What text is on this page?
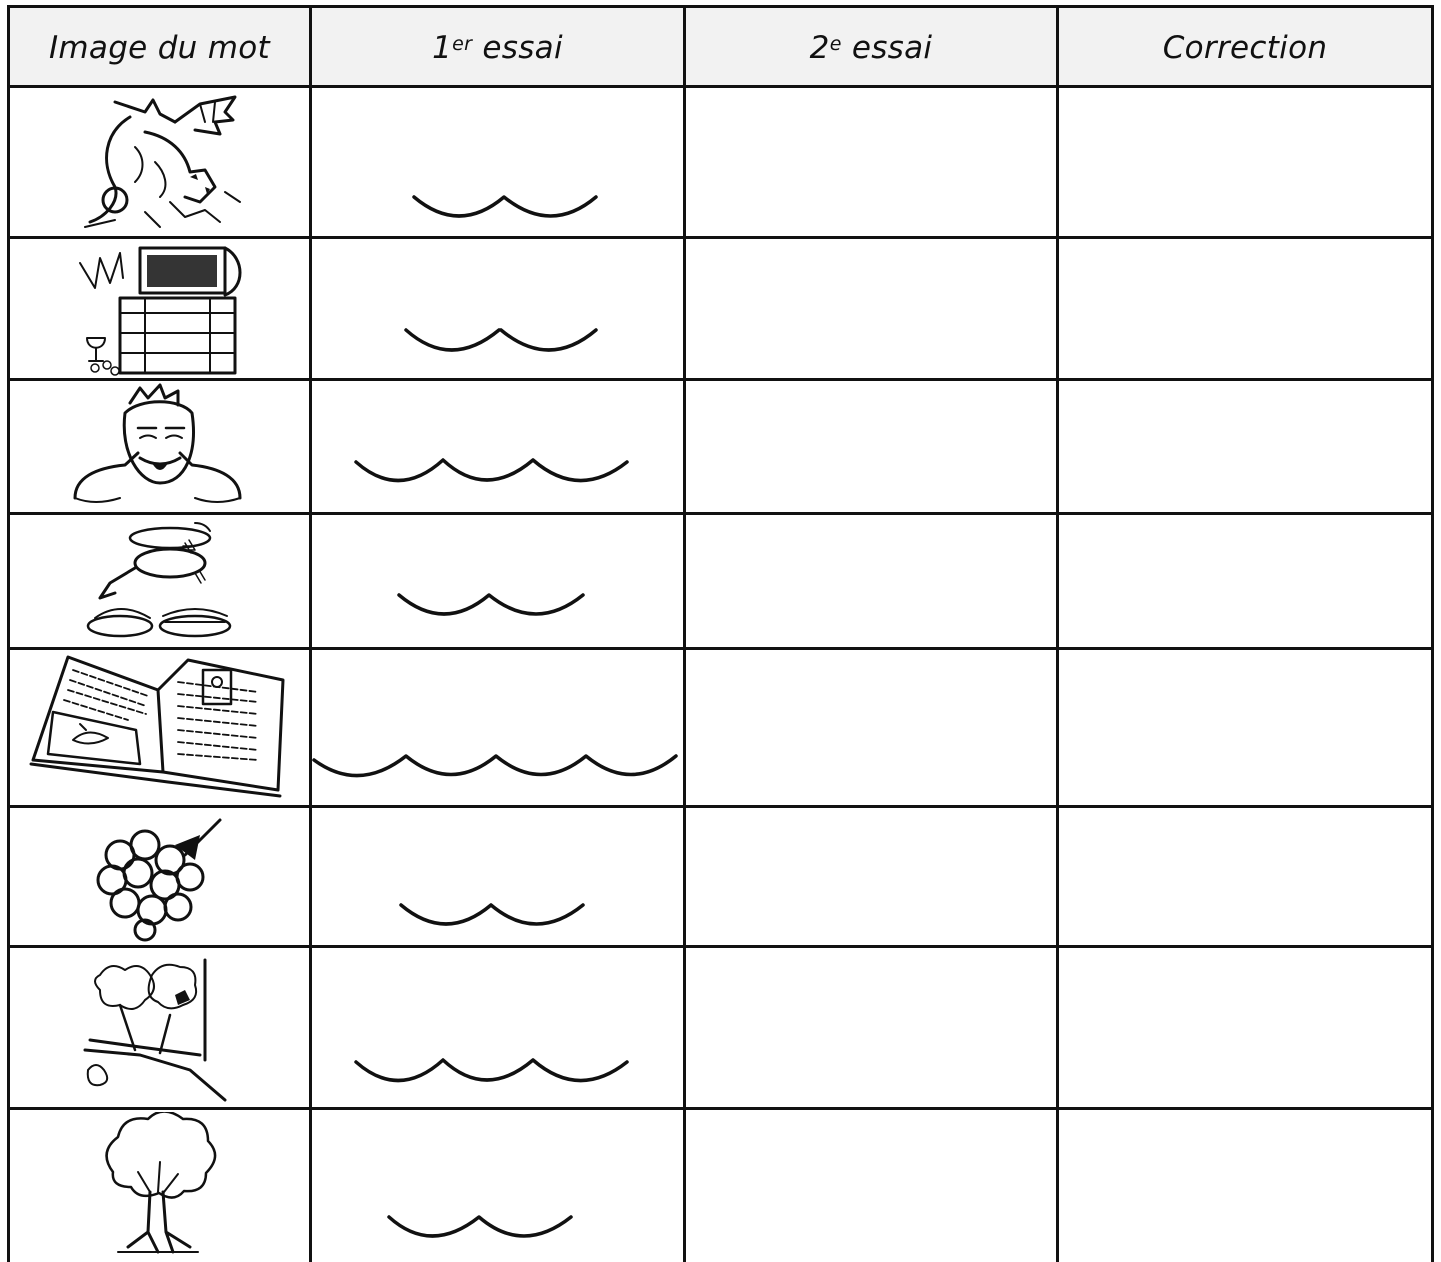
Image du mot	1er essai	2e essai	Correction
